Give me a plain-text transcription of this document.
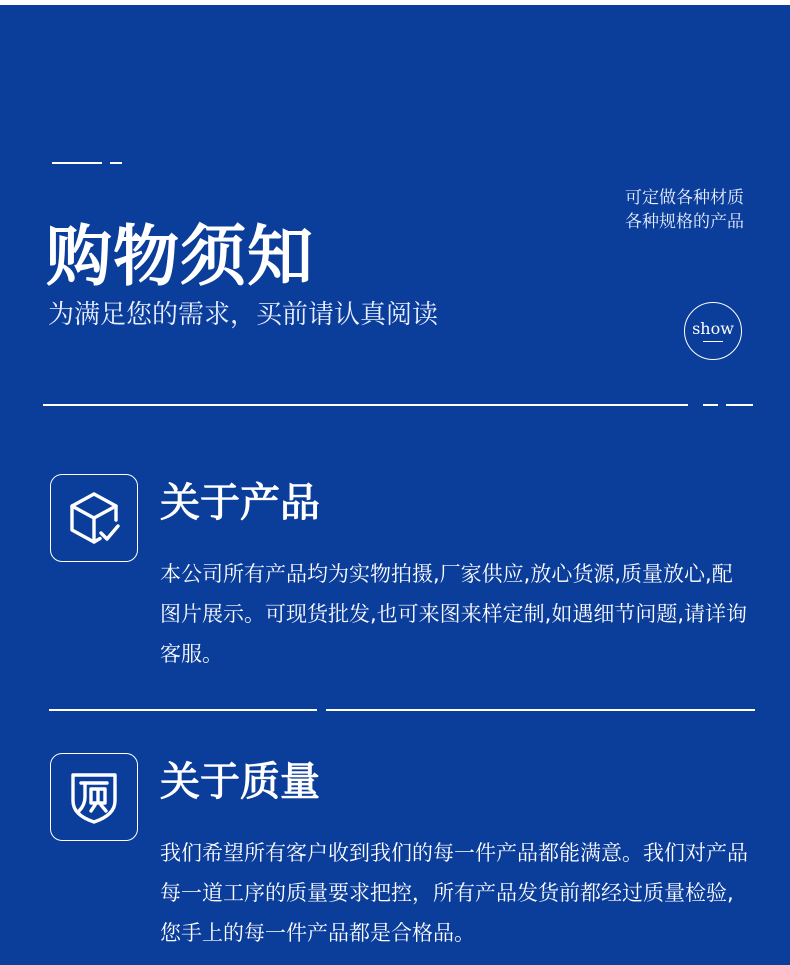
可定做各种材质
各种规格的产品
购物须知
为满足您的需求，买前请认真阅读	show
关于产品
本公司所有产品均为实物拍摄,厂家供应,放心货源,质量放心,配图片展示。可现货批发,也可来图来样定制,如遇细节问题,请详询客服。
关于质量
我们希望所有客户收到我们的每一件产品都能满意。我们对产品每一道工序的质量要求把控，所有产品发货前都经过质量检验,您手上的每一件产品都是合格品。
